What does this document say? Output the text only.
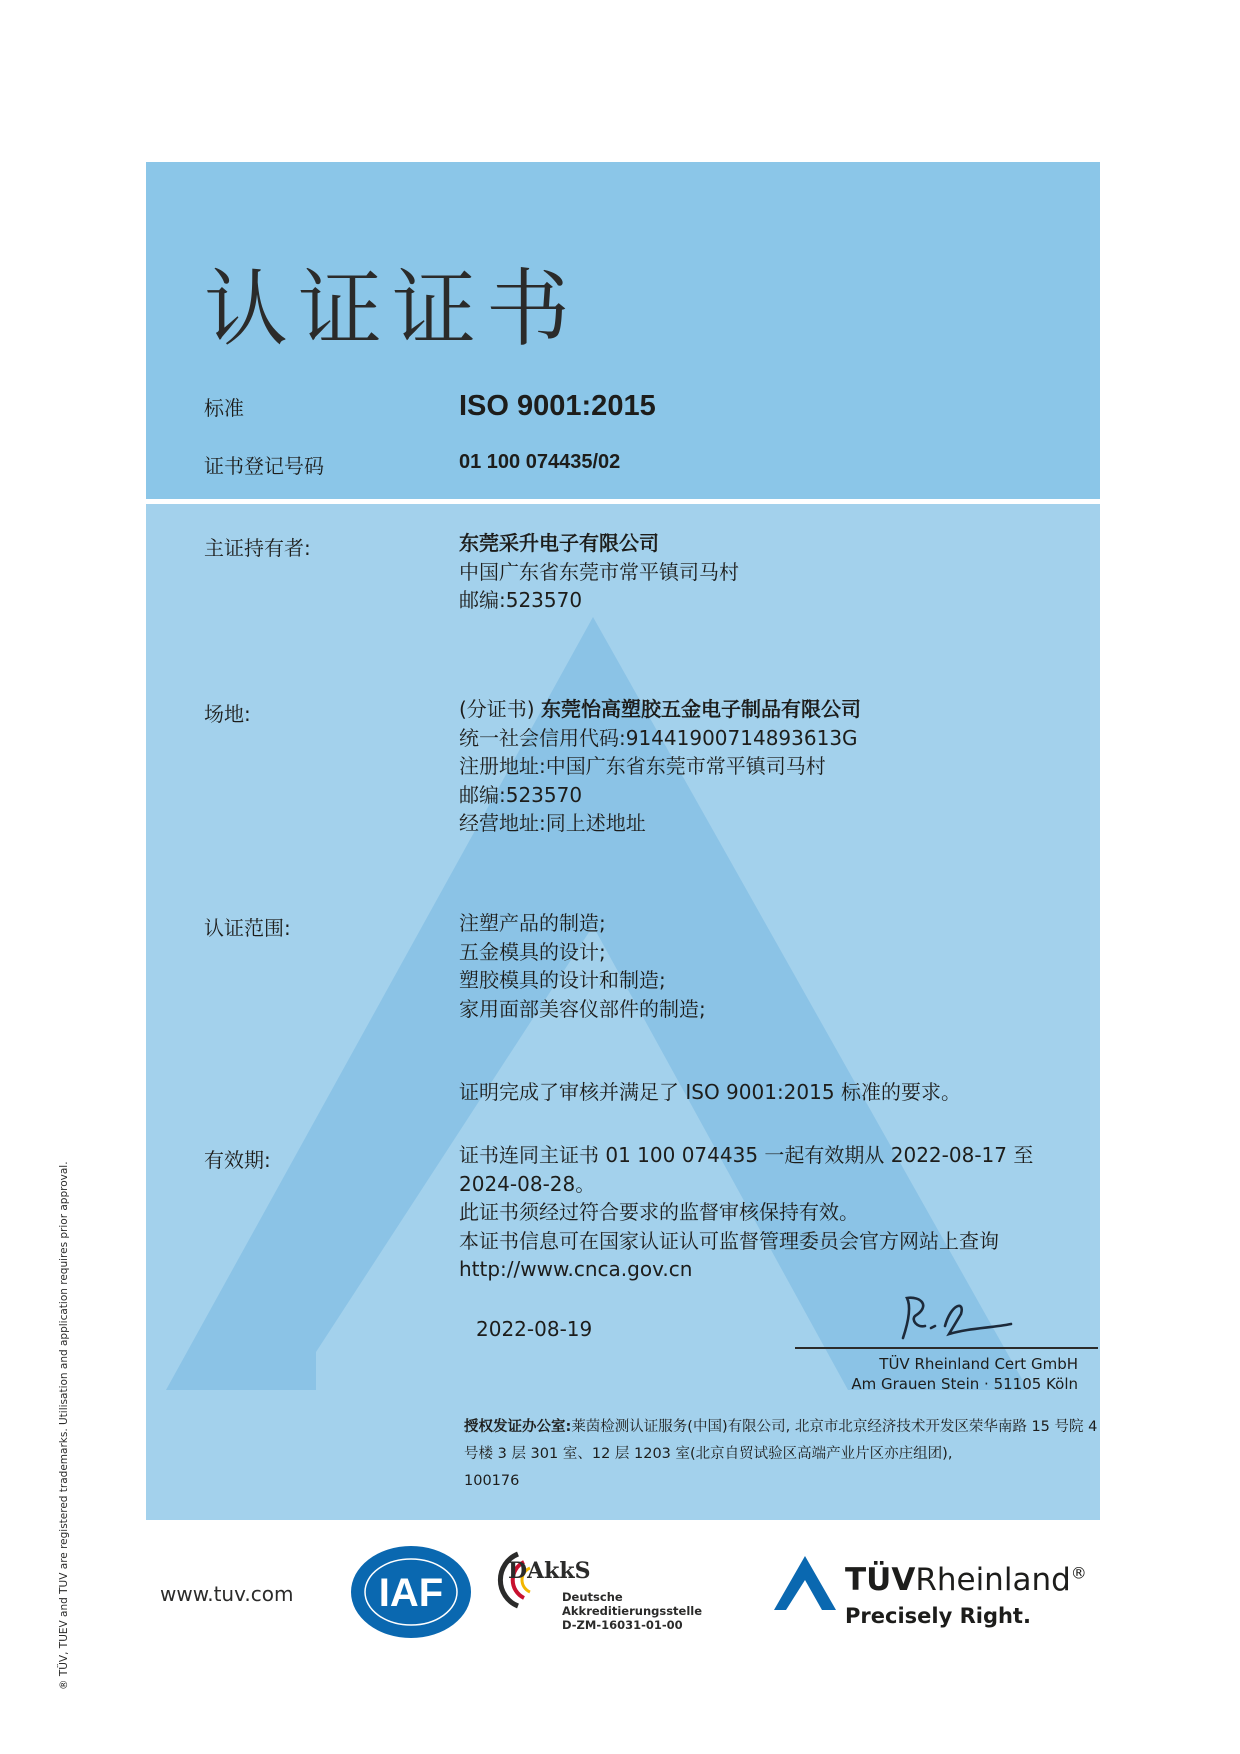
认证证书
标准	ISO 9001:2015
证书登记号码	01 100 074435/02
主证持有者:	东莞采升电子有限公司
中国广东省东莞市常平镇司马村
邮编:523570
场地:	(分证书) 东莞怡高塑胶五金电子制品有限公司
统一社会信用代码:91441900714893613G
注册地址:中国广东省东莞市常平镇司马村
邮编:523570
经营地址:同上述地址
认证范围:	注塑产品的制造;
五金模具的设计;
塑胶模具的设计和制造;
家用面部美容仪部件的制造;
证明完成了审核并满足了 ISO 9001:2015 标准的要求。
有效期:	证书连同主证书 01 100 074435 一起有效期从 2022-08-17 至
2024-08-28。
此证书须经过符合要求的监督审核保持有效。
本证书信息可在国家认证认可监督管理委员会官方网站上查询
http://www.cnca.gov.cn
2022-08-19
TÜV Rheinland Cert GmbH
Am Grauen Stein · 51105 Köln
授权发证办公室:莱茵检测认证服务(中国)有限公司, 北京市北京经济技术开发区荣华南路 15 号院 4 号楼 3 层 301 室、12 层 1203 室(北京自贸试验区高端产业片区亦庄组团),
100176
www.tuv.com IAF	DAkkS
Deutsche
Akkreditierungsstelle
D-ZM-16031-01-00
TÜVRheinland®
Precisely Right.
® TÜV, TUEV and TUV are registered trademarks. Utilisation and application requires prior approval.
